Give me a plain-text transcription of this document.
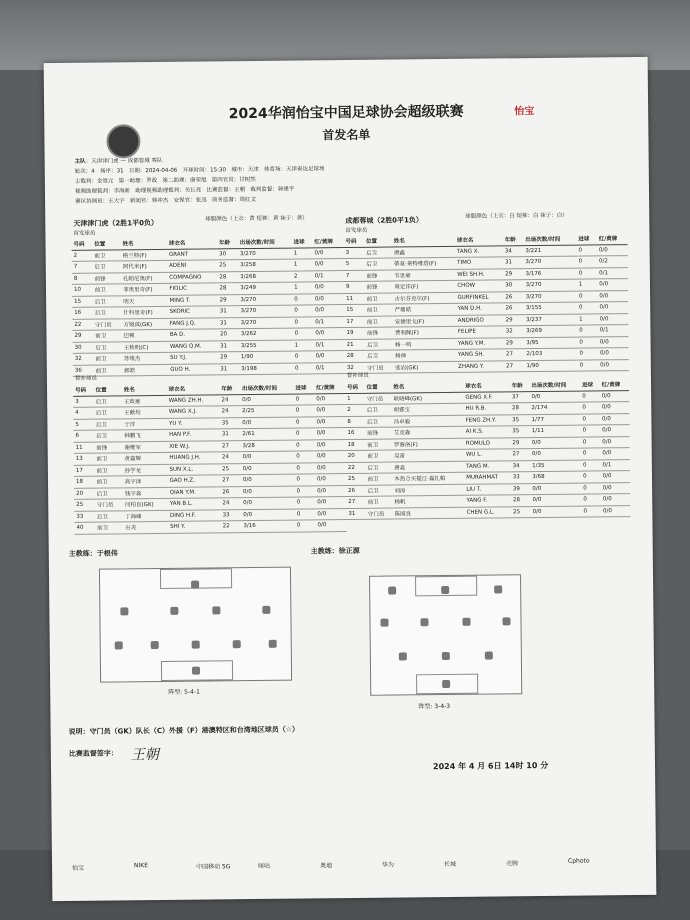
怡宝
2024华润怡宝中国足球协会超级联赛
首发名单
主队：天津津门虎 — 成都蓉城 客队
轮次：4 场序：31 日期：2024-04-06 开球时间：15:30 城市：天津 体育场：天津泰达足球场
主裁判：金崇元 第一助理：罗政 第二助理：康荣旭 第四官员：甘树然
视频助理裁判：李海新 助理视频助理裁判：关长亮 比赛监督：王朝 裁判监督：韩建平
赛区协调员：王大宇 新闻官：韩冲杰 安保官：张迅 商务监督：周红文
天津津门虎（2胜1平0负）
球服颜色（上衣：黄 短裤：黄 袜子：黄）
首发球员
号码	位置	姓名	球衣名	年龄	出场次数/时间	进球	红/黄牌
2	前卫	格兰特(F)	GRANT	30	3/270	1	0/0
7	后卫	阿代米(F)	ADENI	25	3/258	1	0/0
8	前锋	孔帕尼奥(F)	COMPAGNO	28	3/268	2	0/1
10	前卫	菲奥里奇(F)	FIOLIC	28	3/249	1	0/0
15	后卫	明天	MING T.	29	3/270	0	0/0
16	后卫	什科里奇(F)	SKORIC	31	3/270	0	0/0
22	守门员	方镜淇(GK)	FANG J.Q.	31	3/270	0	0/1
29	前卫	巴顿	BA D.	20	3/262	0	0/0
30	后卫	王秋明(C)	WANG Q.M.	31	3/255	1	0/1
32	前卫	苏缘杰	SU Y.J.	29	1/90	0	0/0
36	前卫	郭皓	GUO H.	31	3/198	0	0/1
替补球员
号码	位置	姓名	球衣名	年龄	出场次数/时间	进球	红/黄牌
3	后卫	王政豪	WANG ZH.H.	24	0/0	0	0/0
4	后卫	王献均	WANG X.J.	24	2/25	0	0/0
5	后卫	于洋	YU Y.	35	0/0	0	0/0
6	后卫	韩鹏飞	HAN P.F.	31	2/61	0	0/0
11	前锋	谢维军	XIE W.J.	27	3/28	0	0/0
13	前卫	黄嘉辉	HUANG J.H.	24	0/0	0	0/0
17	前卫	孙学龙	SUN X.L.	25	0/0	0	0/0
18	前卫	高宇泽	GAO H.Z.	27	0/0	0	0/0
20	后卫	钱宇淼	QIAN Y.M.	26	0/0	0	0/0
25	守门员	闫柏良(GK)	YAN B.L.	24	0/0	0	0/0
33	后卫	丁海峰	DING H.F.	33	0/0	0	0/0
40	前卫	石炎	SHI Y.	22	3/16	0	0/0
成都蓉城（2胜0平1负）	球服颜色（上衣：白 短裤：白 袜子：白）
首发球员
号码	位置	姓名	球衣名	年龄	出场次数/时间	进球	红/黄牌
3	后卫	唐鑫	TANG X.	34	3/221	0	0/0
5	后卫	蒂莫·莱特维塔(F)	TIMO	31	3/270	0	0/2
7	前锋	韦世豪	WEI SH.H.	29	3/176	0	0/1
9	前锋	周定洋(F)	CHOW	30	3/270	1	0/0
11	前卫	古尔芬克尔(F)	GURFINKEL	26	3/270	0	0/0
15	前卫	严鼎皓	YAN D.H.	26	3/155	0	0/0
17	前卫	安德里戈(F)	ANDRIGO	29	3/237	1	0/0
19	前锋	费利佩(F)	FELIPE	32	3/269	0	0/1
21	后卫	杨一鸣	YANG Y.M.	29	3/95	0	0/0
28	后卫	杨帅	YANG SH.	27	2/103	0	0/0
32	守门员	张岩(GK)	ZHANG Y.	27	1/90	0	0/0
替补球员
号码	位置	姓名	球衣名	年龄	出场次数/时间	进球	红/黄牌
1	守门员	耿晓峰(GK)	GENG X.F.	37	0/0	0	0/0
2	后卫	胡睿宝	HU R.B.	28	2/174	0	0/0
8	后卫	冯卓毅	FENG ZH.Y.	35	1/77	0	0/0
16	前锋	艾克森	AI K.S.	35	1/11	0	0/0
18	前卫	罗慕洛(F)	ROMULO	29	0/0	0	0/0
20	前卫	吴雷	WU L.	27	0/0	0	0/0
22	后卫	唐淼	TANG M.	34	1/35	0	0/1
25	前卫	木热合买提江·嘉扎帕	MURAHMAT	33	3/68	0	0/0
26	后卫	刘涛	LIU T.	39	0/0	0	0/0
27	前卫	杨帆	YANG F.	28	0/0	0	0/0
31	守门员	陈国良	CHEN G.L.	25	0/0	0	0/0
主教练：于根伟	主教练：徐正源
阵型: 5-4-1
阵型: 3-4-3
说明：守门员（GK）队长（C）外援（F）港澳特区和台湾地区球员（☆）
比赛监督签字： 王朝
2024 年 4 月 6日 14时 10 分
怡宝	NIKE	中国移动 5G	咪咕	奥迪	华为	长城	壳牌	Cphoto
